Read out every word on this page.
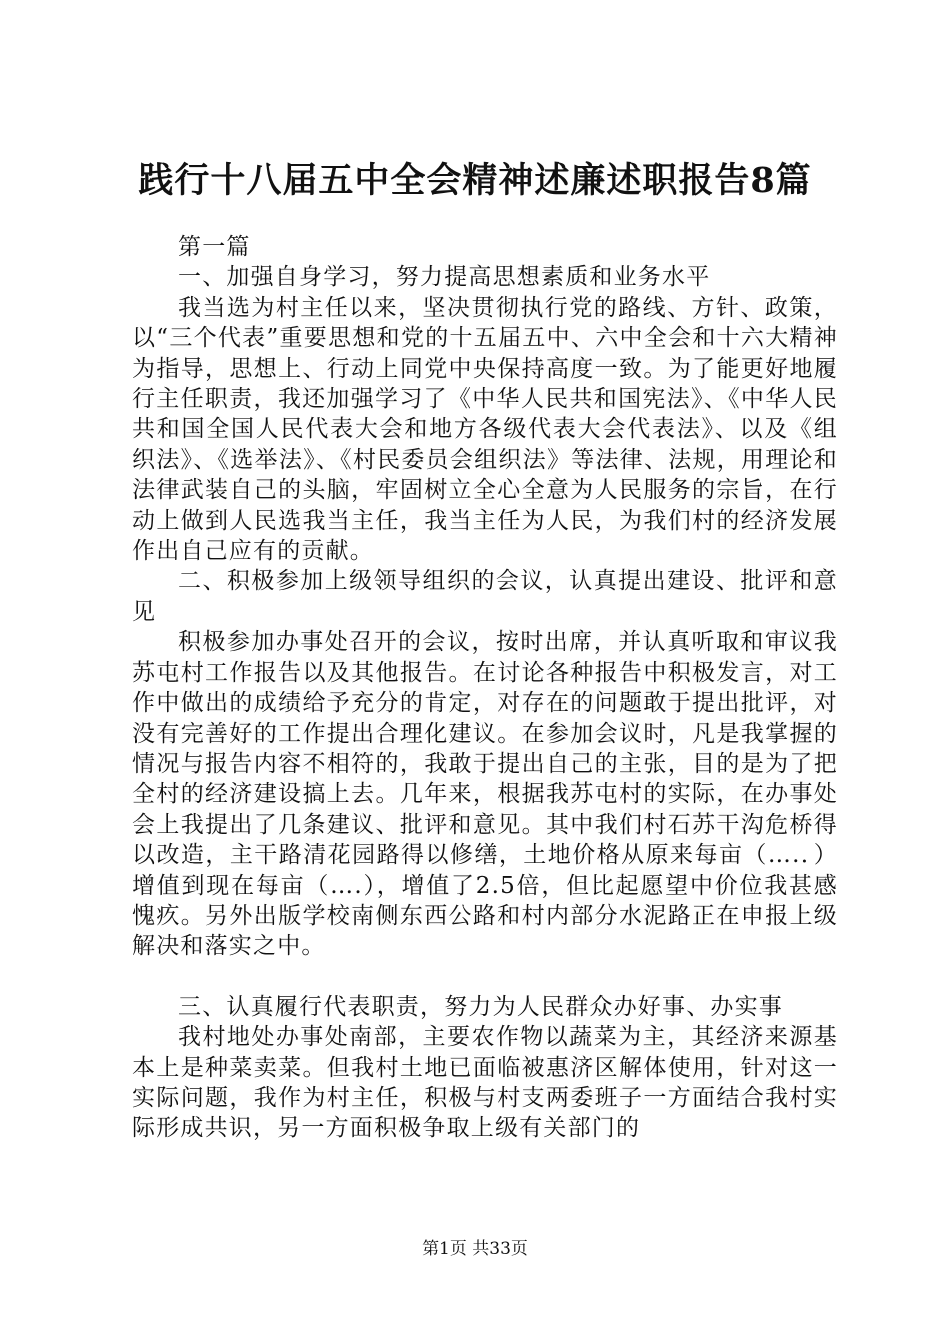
践行十八届五中全会精神述廉述职报告8篇

第一篇

一、加强自身学习，努力提高思想素质和业务水平

我当选为村主任以来，坚决贯彻执行党的路线、方针、政策，以“三个代表”重要思想和党的十五届五中、六中全会和十六大精神为指导，思想上、行动上同党中央保持高度一致。为了能更好地履行主任职责，我还加强学习了《中华人民共和国宪法》、《中华人民共和国全国人民代表大会和地方各级代表大会代表法》、以及《组织法》、《选举法》、《村民委员会组织法》等法律、法规，用理论和法律武装自己的头脑，牢固树立全心全意为人民服务的宗旨，在行动上做到人民选我当主任，我当主任为人民，为我们村的经济发展作出自己应有的贡献。

二、积极参加上级领导组织的会议，认真提出建设、批评和意见

积极参加办事处召开的会议，按时出席，并认真听取和审议我苏屯村工作报告以及其他报告。在讨论各种报告中积极发言，对工作中做出的成绩给予充分的肯定，对存在的问题敢于提出批评，对没有完善好的工作提出合理化建议。在参加会议时，凡是我掌握的情况与报告内容不相符的，我敢于提出自己的主张，目的是为了把全村的经济建设搞上去。几年来，根据我苏屯村的实际，在办事处会上我提出了几条建议、批评和意见。其中我们村石苏干沟危桥得以改造，主干路清花园路得以修缮，土地价格从原来每亩（….．）增值到现在每亩（….），增值了2.5倍，但比起愿望中价位我甚感愧疚。另外出版学校南侧东西公路和村内部分水泥路正在申报上级解决和落实之中。

三、认真履行代表职责，努力为人民群众办好事、办实事

我村地处办事处南部，主要农作物以蔬菜为主，其经济来源基本上是种菜卖菜。但我村土地已面临被惠济区解体使用，针对这一实际问题，我作为村主任，积极与村支两委班子一方面结合我村实际形成共识，另一方面积极争取上级有关部门的

第1页 共33页
